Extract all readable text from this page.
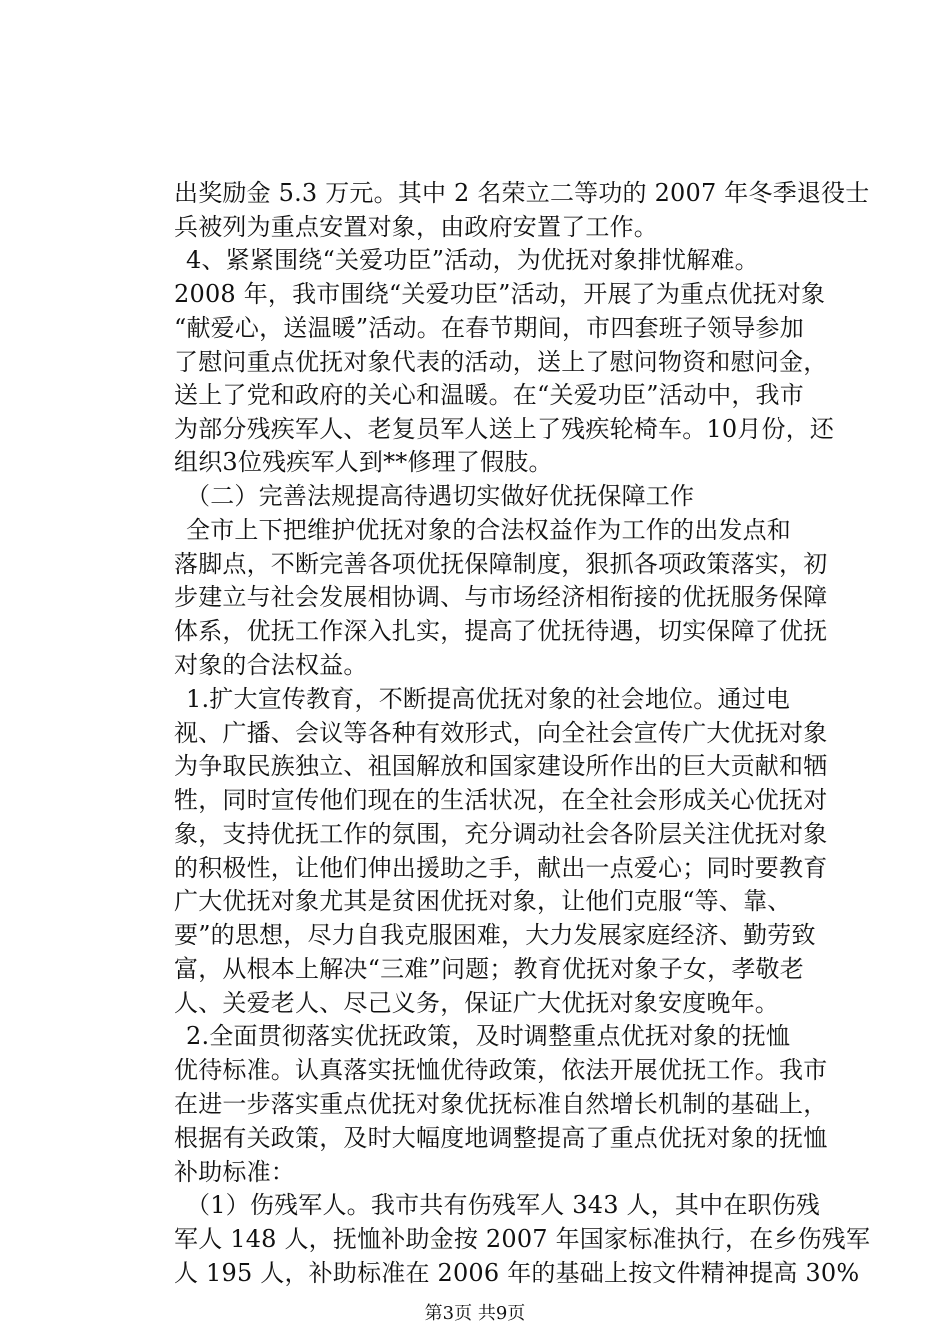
出奖励金 5.3 万元。其中 2 名荣立二等功的 2007 年冬季退役士
兵被列为重点安置对象，由政府安置了工作。
4、紧紧围绕“关爱功臣”活动，为优抚对象排忧解难。
2008 年，我市围绕“关爱功臣”活动，开展了为重点优抚对象
“献爱心，送温暖”活动。在春节期间，市四套班子领导参加
了慰问重点优抚对象代表的活动，送上了慰问物资和慰问金，
送上了党和政府的关心和温暖。在“关爱功臣”活动中，我市
为部分残疾军人、老复员军人送上了残疾轮椅车。10月份，还
组织3位残疾军人到**修理了假肢。
（二）完善法规提高待遇切实做好优抚保障工作
全市上下把维护优抚对象的合法权益作为工作的出发点和
落脚点，不断完善各项优抚保障制度，狠抓各项政策落实，初
步建立与社会发展相协调、与市场经济相衔接的优抚服务保障
体系，优抚工作深入扎实，提高了优抚待遇，切实保障了优抚
对象的合法权益。
1.扩大宣传教育，不断提高优抚对象的社会地位。通过电
视、广播、会议等各种有效形式，向全社会宣传广大优抚对象
为争取民族独立、祖国解放和国家建设所作出的巨大贡献和牺
牲，同时宣传他们现在的生活状况，在全社会形成关心优抚对
象，支持优抚工作的氛围，充分调动社会各阶层关注优抚对象
的积极性，让他们伸出援助之手，献出一点爱心；同时要教育
广大优抚对象尤其是贫困优抚对象，让他们克服“等、靠、
要”的思想，尽力自我克服困难，大力发展家庭经济、勤劳致
富，从根本上解决“三难”问题；教育优抚对象子女，孝敬老
人、关爱老人、尽己义务，保证广大优抚对象安度晚年。
2.全面贯彻落实优抚政策，及时调整重点优抚对象的抚恤
优待标准。认真落实抚恤优待政策，依法开展优抚工作。我市
在进一步落实重点优抚对象优抚标准自然增长机制的基础上，
根据有关政策，及时大幅度地调整提高了重点优抚对象的抚恤
补助标准：
（1）伤残军人。我市共有伤残军人 343 人，其中在职伤残
军人 148 人，抚恤补助金按 2007 年国家标准执行，在乡伤残军
人 195 人，补助标准在 2006 年的基础上按文件精神提高 30%
第3页 共9页
